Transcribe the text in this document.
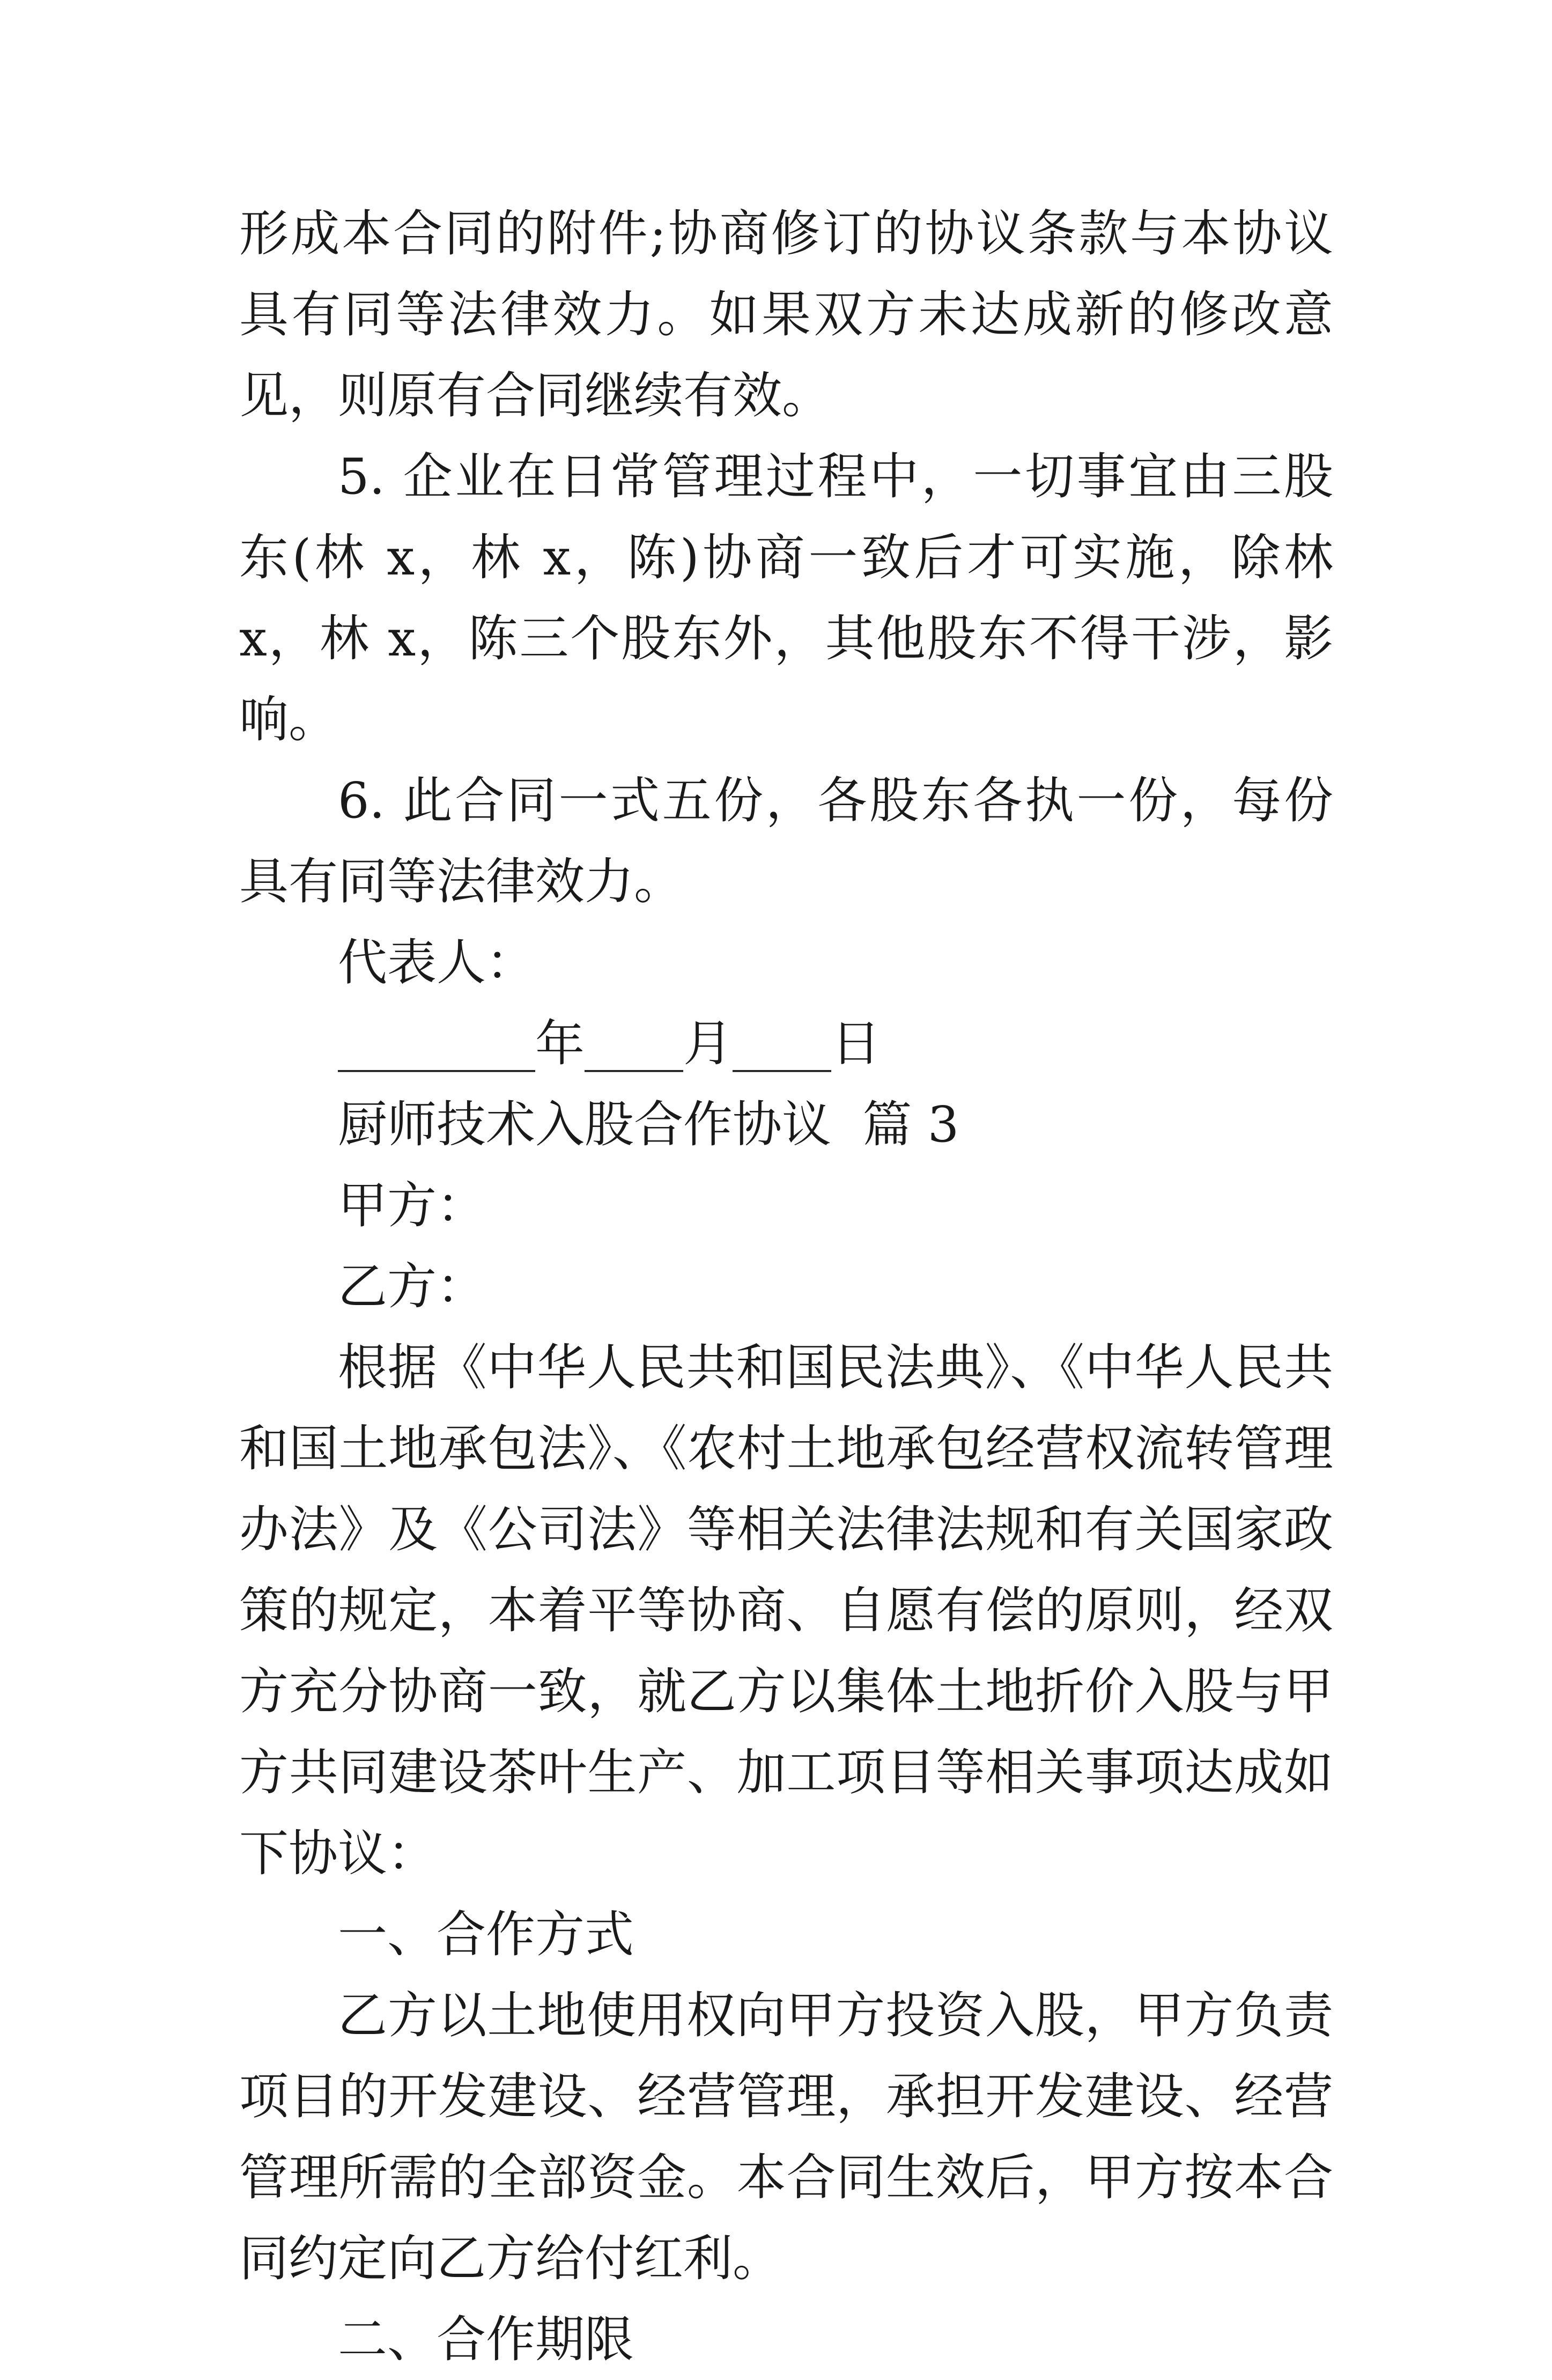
形成本合同的附件;协商修订的协议条款与本协议具有同等法律效力。如果双方未达成新的修改意见，则原有合同继续有效。

5. 企业在日常管理过程中，一切事宜由三股东(林 x，林 x，陈)协商一致后才可实施，除林 x，林 x，陈三个股东外，其他股东不得干涉，影响。

6. 此合同一式五份，各股东各执一份，每份具有同等法律效力。

代表人：

________年____月____日

厨师技术入股合作协议  篇 3

甲方：

乙方：

根据《中华人民共和国民法典》、《中华人民共和国土地承包法》、《农村土地承包经营权流转管理办法》及《公司法》等相关法律法规和有关国家政策的规定，本着平等协商、自愿有偿的原则，经双方充分协商一致，就乙方以集体土地折价入股与甲方共同建设茶叶生产、加工项目等相关事项达成如下协议：

一、合作方式

乙方以土地使用权向甲方投资入股，甲方负责项目的开发建设、经营管理，承担开发建设、经营管理所需的全部资金。本合同生效后，甲方按本合同约定向乙方给付红利。

二、合作期限
